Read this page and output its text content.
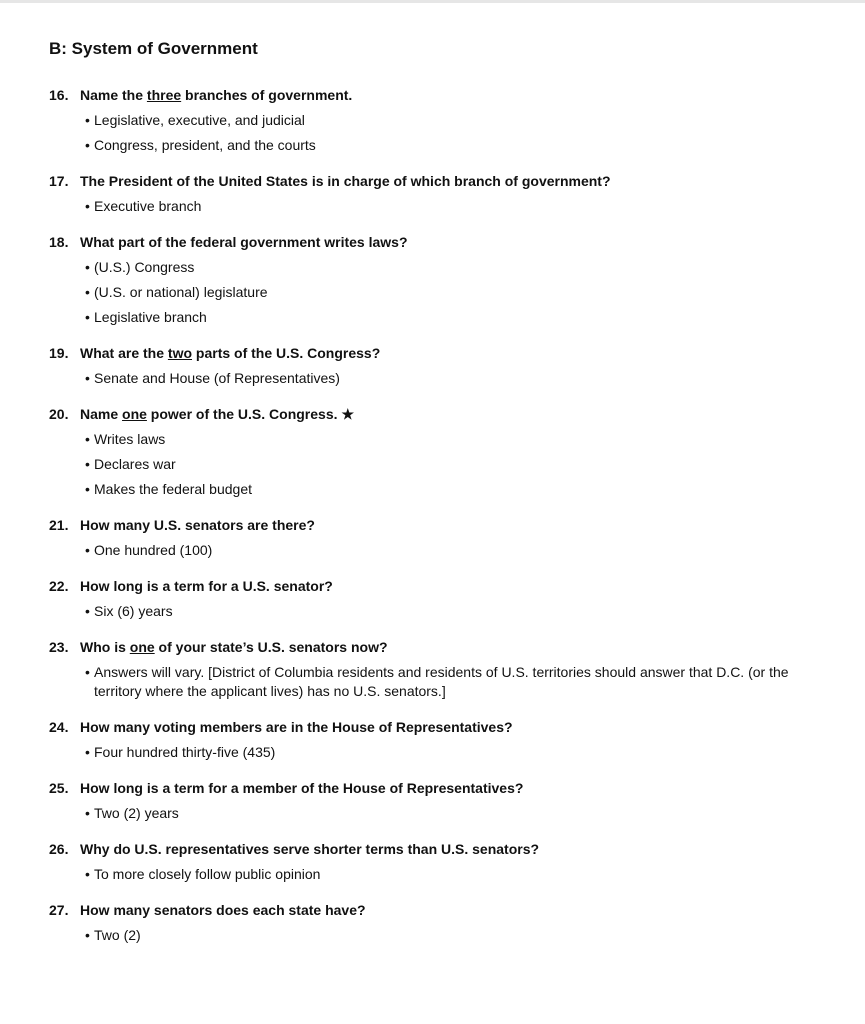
B: System of Government
16. Name the three branches of government.
• Legislative, executive, and judicial
• Congress, president, and the courts
17. The President of the United States is in charge of which branch of government?
• Executive branch
18. What part of the federal government writes laws?
• (U.S.) Congress
• (U.S. or national) legislature
• Legislative branch
19. What are the two parts of the U.S. Congress?
• Senate and House (of Representatives)
20. Name one power of the U.S. Congress. ★
• Writes laws
• Declares war
• Makes the federal budget
21. How many U.S. senators are there?
• One hundred (100)
22. How long is a term for a U.S. senator?
• Six (6) years
23. Who is one of your state’s U.S. senators now?
• Answers will vary. [District of Columbia residents and residents of U.S. territories should answer that D.C. (or the territory where the applicant lives) has no U.S. senators.]
24. How many voting members are in the House of Representatives?
• Four hundred thirty-five (435)
25. How long is a term for a member of the House of Representatives?
• Two (2) years
26. Why do U.S. representatives serve shorter terms than U.S. senators?
• To more closely follow public opinion
27. How many senators does each state have?
• Two (2)
